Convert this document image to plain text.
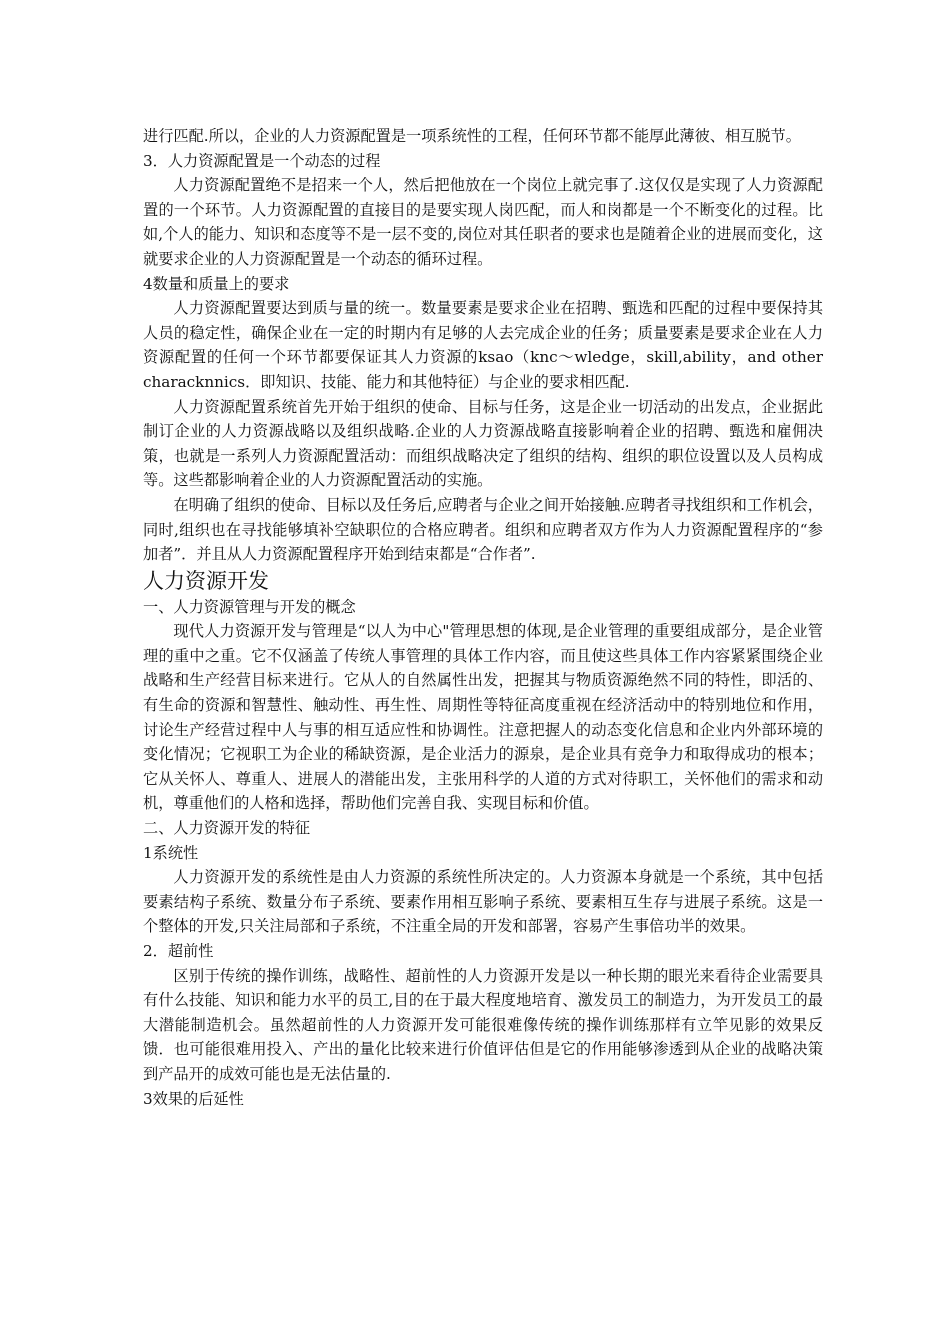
进行匹配.所以，企业的人力资源配置是一项系统性的工程，任何环节都不能厚此薄彼、相互脱节。

3．人力资源配置是一个动态的过程

人力资源配置绝不是招来一个人，然后把他放在一个岗位上就完事了.这仅仅是实现了人力资源配置的一个环节。人力资源配置的直接目的是要实现人岗匹配，而人和岗都是一个不断变化的过程。比如,个人的能力、知识和态度等不是一层不变的,岗位对其任职者的要求也是随着企业的进展而变化，这就要求企业的人力资源配置是一个动态的循环过程。

4数量和质量上的要求

人力资源配置要达到质与量的统一。数量要素是要求企业在招聘、甄选和匹配的过程中要保持其人员的稳定性，确保企业在一定的时期内有足够的人去完成企业的任务；质量要素是要求企业在人力资源配置的任何一个环节都要保证其人力资源的ksao（knc～wledge，skill,ability，and other characknnics．即知识、技能、能力和其他特征）与企业的要求相匹配.

人力资源配置系统首先开始于组织的使命、目标与任务，这是企业一切活动的出发点，企业据此制订企业的人力资源战略以及组织战略.企业的人力资源战略直接影响着企业的招聘、甄选和雇佣决策，也就是一系列人力资源配置活动：而组织战略决定了组织的结构、组织的职位设置以及人员构成等。这些都影响着企业的人力资源配置活动的实施。

在明确了组织的使命、目标以及任务后,应聘者与企业之间开始接触.应聘者寻找组织和工作机会，同时,组织也在寻找能够填补空缺职位的合格应聘者。组织和应聘者双方作为人力资源配置程序的“参加者”．并且从人力资源配置程序开始到结束都是“合作者”.

人力资源开发

一、人力资源管理与开发的概念

现代人力资源开发与管理是“以人为中心"管理思想的体现,是企业管理的重要组成部分，是企业管理的重中之重。它不仅涵盖了传统人事管理的具体工作内容，而且使这些具体工作内容紧紧围绕企业战略和生产经营目标来进行。它从人的自然属性出发，把握其与物质资源绝然不同的特性，即活的、有生命的资源和智慧性、触动性、再生性、周期性等特征高度重视在经济活动中的特别地位和作用，讨论生产经营过程中人与事的相互适应性和协调性。注意把握人的动态变化信息和企业内外部环境的变化情况；它视职工为企业的稀缺资源，是企业活力的源泉，是企业具有竞争力和取得成功的根本；它从关怀人、尊重人、进展人的潜能出发，主张用科学的人道的方式对待职工，关怀他们的需求和动机，尊重他们的人格和选择，帮助他们完善自我、实现目标和价值。

二、人力资源开发的特征

1系统性

人力资源开发的系统性是由人力资源的系统性所决定的。人力资源本身就是一个系统，其中包括要素结构子系统、数量分布子系统、要素作用相互影响子系统、要素相互生存与进展子系统。这是一个整体的开发,只关注局部和子系统，不注重全局的开发和部署，容易产生事倍功半的效果。

2．超前性

区别于传统的操作训练，战略性、超前性的人力资源开发是以一种长期的眼光来看待企业需要具有什么技能、知识和能力水平的员工,目的在于最大程度地培育、激发员工的制造力，为开发员工的最大潜能制造机会。虽然超前性的人力资源开发可能很难像传统的操作训练那样有立竿见影的效果反馈．也可能很难用投入、产出的量化比较来进行价值评估但是它的作用能够渗透到从企业的战略决策到产品开的成效可能也是无法估量的.

3效果的后延性
